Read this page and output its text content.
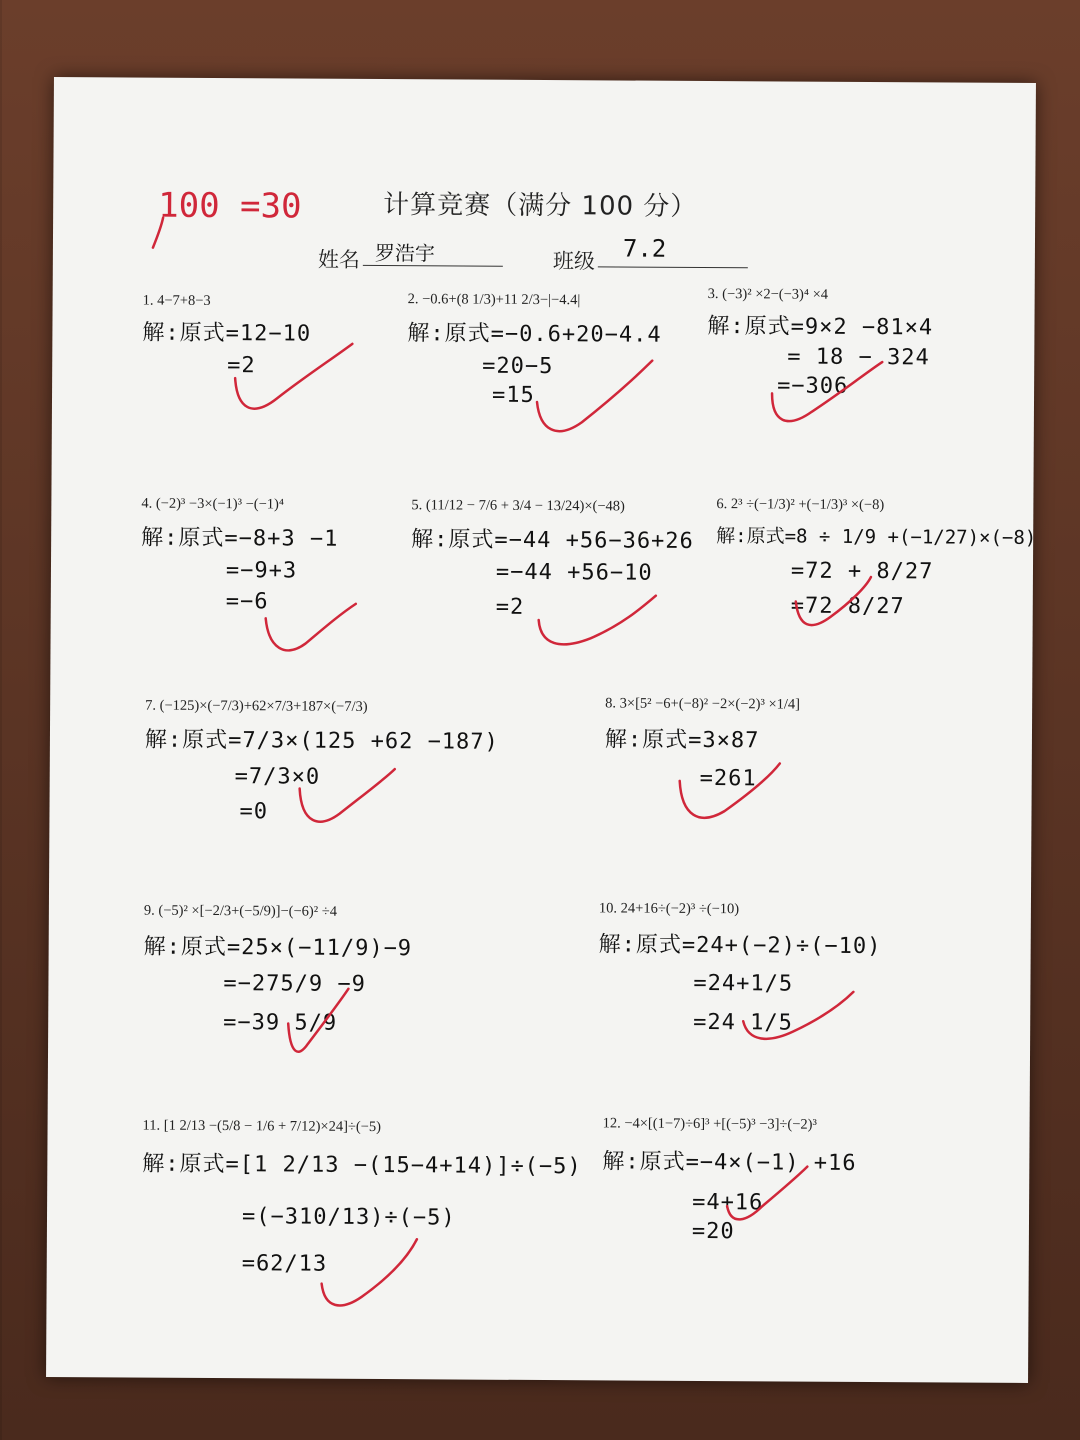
100 =30	计算竞赛（满分 100 分）
姓名 罗浩宇	班级 7.2
1. 4−7+8−3
解:原式=12−10
=2
2. −0.6+(8 1/3)+11 2/3−|−4.4|
解:原式=−0.6+20−4.4
=20−5
=15
3. (−3)² ×2−(−3)⁴ ×4
解:原式=9×2 −81×4
= 18 − 324
=−306
4. (−2)³ −3×(−1)³ −(−1)⁴
解:原式=−8+3 −1
=−9+3
=−6
5. (11/12 − 7/6 + 3/4 − 13/24)×(−48)
解:原式=−44 +56−36+26
=−44 +56−10
=2
6. 2³ ÷(−1/3)² +(−1/3)³ ×(−8)
解:原式=8 ÷ 1/9 +(−1/27)×(−8)
=72 + 8/27
=72 8/27
7. (−125)×(−7/3)+62×7/3+187×(−7/3)
解:原式=7/3×(125 +62 −187)
=7/3×0
=0
8. 3×[5² −6+(−8)² −2×(−2)³ ×1/4]
解:原式=3×87
=261
9. (−5)² ×[−2/3+(−5/9)]−(−6)² ÷4
解:原式=25×(−11/9)−9
=−275/9 −9
=−39 5/9
10. 24+16÷(−2)³ ÷(−10)
解:原式=24+(−2)÷(−10)
=24+1/5
=24 1/5
11. [1 2/13 −(5/8 − 1/6 + 7/12)×24]÷(−5)
解:原式=[1 2/13 −(15−4+14)]÷(−5)
=(−310/13)÷(−5)
=62/13
12. −4×[(1−7)÷6]³ +[(−5)³ −3]÷(−2)³
解:原式=−4×(−1) +16
=4+16
=20
